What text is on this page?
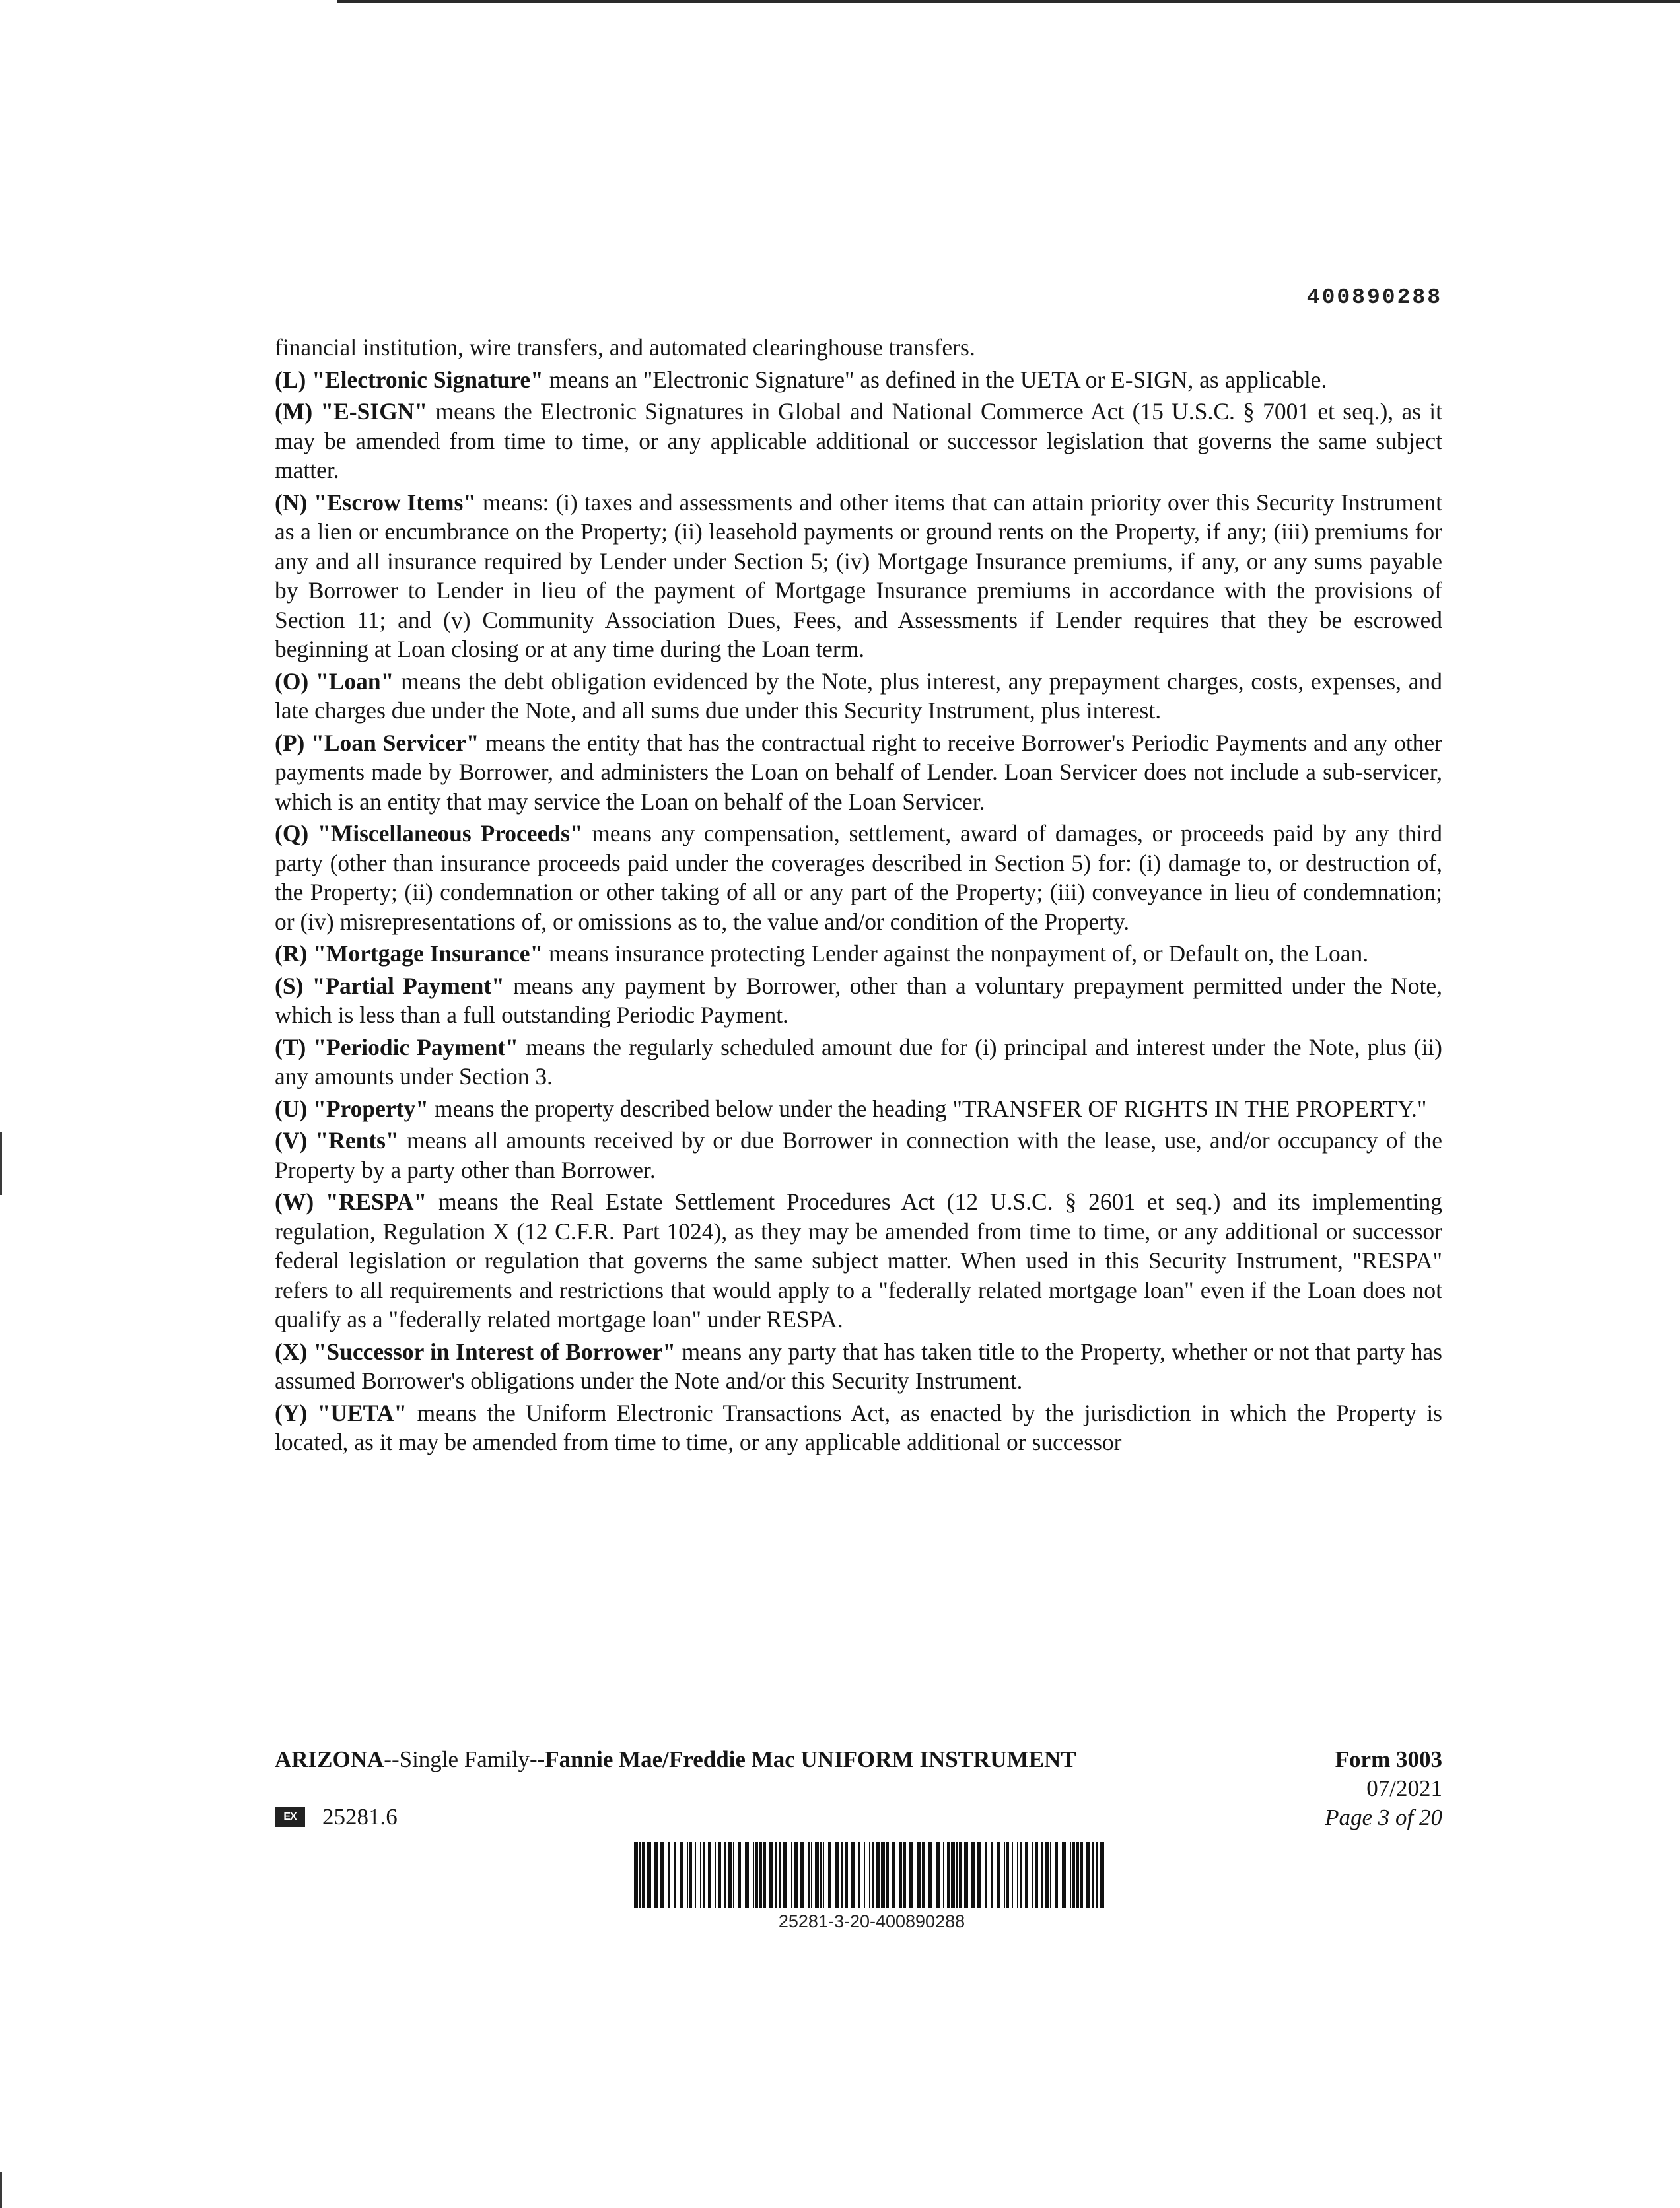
400890288

financial institution, wire transfers, and automated clearinghouse transfers.

(L) "Electronic Signature" means an "Electronic Signature" as defined in the UETA or E-SIGN, as applicable.

(M) "E-SIGN" means the Electronic Signatures in Global and National Commerce Act (15 U.S.C. § 7001 et seq.), as it may be amended from time to time, or any applicable additional or successor legislation that governs the same subject matter.

(N) "Escrow Items" means: (i) taxes and assessments and other items that can attain priority over this Security Instrument as a lien or encumbrance on the Property; (ii) leasehold payments or ground rents on the Property, if any; (iii) premiums for any and all insurance required by Lender under Section 5; (iv) Mortgage Insurance premiums, if any, or any sums payable by Borrower to Lender in lieu of the payment of Mortgage Insurance premiums in accordance with the provisions of Section 11; and (v) Community Association Dues, Fees, and Assessments if Lender requires that they be escrowed beginning at Loan closing or at any time during the Loan term.

(O) "Loan" means the debt obligation evidenced by the Note, plus interest, any prepayment charges, costs, expenses, and late charges due under the Note, and all sums due under this Security Instrument, plus interest.

(P) "Loan Servicer" means the entity that has the contractual right to receive Borrower's Periodic Payments and any other payments made by Borrower, and administers the Loan on behalf of Lender. Loan Servicer does not include a sub-servicer, which is an entity that may service the Loan on behalf of the Loan Servicer.

(Q) "Miscellaneous Proceeds" means any compensation, settlement, award of damages, or proceeds paid by any third party (other than insurance proceeds paid under the coverages described in Section 5) for: (i) damage to, or destruction of, the Property; (ii) condemnation or other taking of all or any part of the Property; (iii) conveyance in lieu of condemnation; or (iv) misrepresentations of, or omissions as to, the value and/or condition of the Property.

(R) "Mortgage Insurance" means insurance protecting Lender against the nonpayment of, or Default on, the Loan.

(S) "Partial Payment" means any payment by Borrower, other than a voluntary prepayment permitted under the Note, which is less than a full outstanding Periodic Payment.

(T) "Periodic Payment" means the regularly scheduled amount due for (i) principal and interest under the Note, plus (ii) any amounts under Section 3.

(U) "Property" means the property described below under the heading "TRANSFER OF RIGHTS IN THE PROPERTY."

(V) "Rents" means all amounts received by or due Borrower in connection with the lease, use, and/or occupancy of the Property by a party other than Borrower.

(W) "RESPA" means the Real Estate Settlement Procedures Act (12 U.S.C. § 2601 et seq.) and its implementing regulation, Regulation X (12 C.F.R. Part 1024), as they may be amended from time to time, or any additional or successor federal legislation or regulation that governs the same subject matter. When used in this Security Instrument, "RESPA" refers to all requirements and restrictions that would apply to a "federally related mortgage loan" even if the Loan does not qualify as a "federally related mortgage loan" under RESPA.

(X) "Successor in Interest of Borrower" means any party that has taken title to the Property, whether or not that party has assumed Borrower's obligations under the Note and/or this Security Instrument.

(Y) "UETA" means the Uniform Electronic Transactions Act, as enacted by the jurisdiction in which the Property is located, as it may be amended from time to time, or any applicable additional or successor

ARIZONA--Single Family--Fannie Mae/Freddie Mac UNIFORM INSTRUMENT	Form 3003
07/2021
Page 3 of 20
EX	25281.6
25281-3-20-400890288
